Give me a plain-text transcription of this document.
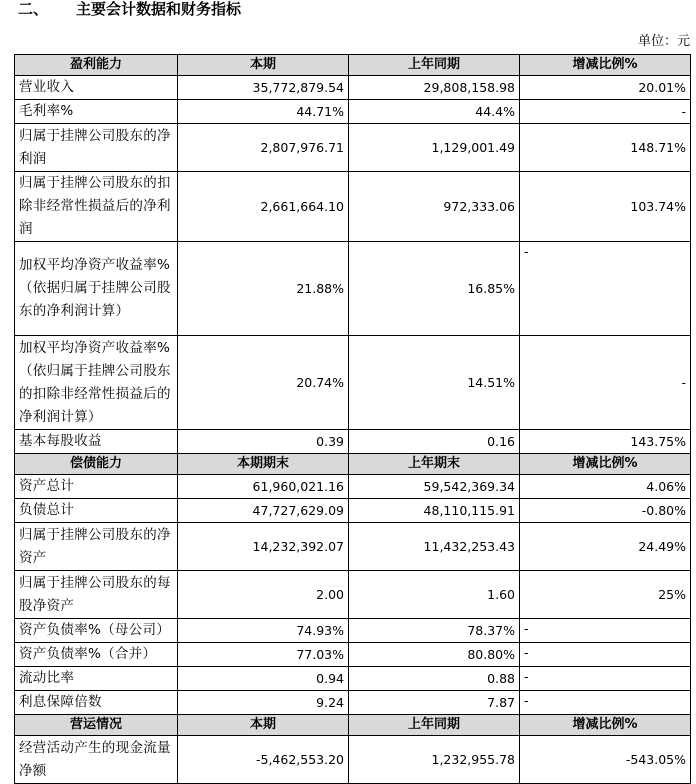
二、 主要会计数据和财务指标
单位：元
盈利能力	本期	上年同期	增减比例%
营业收入	35,772,879.54	29,808,158.98	20.01%
毛利率%	44.71%	44.4%	-
归属于挂牌公司股东的净利润	2,807,976.71	1,129,001.49	148.71%
归属于挂牌公司股东的扣除非经常性损益后的净利润	2,661,664.10	972,333.06	103.74%
加权平均净资产收益率%（依据归属于挂牌公司股东的净利润计算）	21.88%	16.85%	-
加权平均净资产收益率%（依归属于挂牌公司股东的扣除非经常性损益后的净利润计算）	20.74%	14.51%	-
基本每股收益	0.39	0.16	143.75%
偿债能力	本期期末	上年期末	增减比例%
资产总计	61,960,021.16	59,542,369.34	4.06%
负债总计	47,727,629.09	48,110,115.91	-0.80%
归属于挂牌公司股东的净资产	14,232,392.07	11,432,253.43	24.49%
归属于挂牌公司股东的每股净资产	2.00	1.60	25%
资产负债率%（母公司）	74.93%	78.37%	-
资产负债率%（合并）	77.03%	80.80%	-
流动比率	0.94	0.88	-
利息保障倍数	9.24	7.87	-
营运情况	本期	上年同期	增减比例%
经营活动产生的现金流量净额	-5,462,553.20	1,232,955.78	-543.05%
